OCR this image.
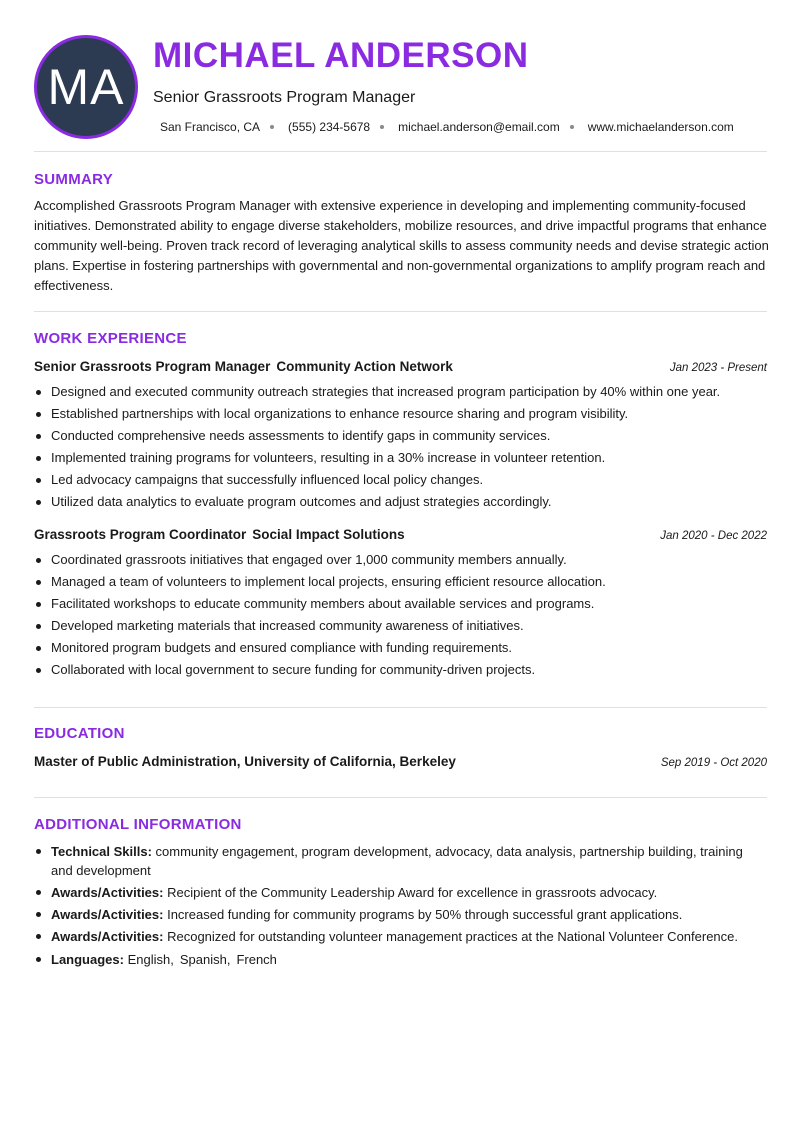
MA
MICHAEL ANDERSON
Senior Grassroots Program Manager
San Francisco, CA (555) 234-5678 michael.anderson@email.com www.michaelanderson.com
SUMMARY
Accomplished Grassroots Program Manager with extensive experience in developing and implementing community-focused initiatives. Demonstrated ability to engage diverse stakeholders, mobilize resources, and drive impactful programs that enhance community well-being. Proven track record of leveraging analytical skills to assess community needs and devise strategic action plans. Expertise in fostering partnerships with governmental and non-governmental organizations to amplify program reach and effectiveness.
WORK EXPERIENCE
Senior Grassroots Program Manager Community Action Network	Jan 2023 - Present
Designed and executed community outreach strategies that increased program participation by 40% within one year.
Established partnerships with local organizations to enhance resource sharing and program visibility.
Conducted comprehensive needs assessments to identify gaps in community services.
Implemented training programs for volunteers, resulting in a 30% increase in volunteer retention.
Led advocacy campaigns that successfully influenced local policy changes.
Utilized data analytics to evaluate program outcomes and adjust strategies accordingly.
Grassroots Program Coordinator Social Impact Solutions	Jan 2020 - Dec 2022
Coordinated grassroots initiatives that engaged over 1,000 community members annually.
Managed a team of volunteers to implement local projects, ensuring efficient resource allocation.
Facilitated workshops to educate community members about available services and programs.
Developed marketing materials that increased community awareness of initiatives.
Monitored program budgets and ensured compliance with funding requirements.
Collaborated with local government to secure funding for community-driven projects.
EDUCATION
Master of Public Administration, University of California, Berkeley	Sep 2019 - Oct 2020
ADDITIONAL INFORMATION
Technical Skills: community engagement, program development, advocacy, data analysis, partnership building, training and development
Awards/Activities: Recipient of the Community Leadership Award for excellence in grassroots advocacy.
Awards/Activities: Increased funding for community programs by 50% through successful grant applications.
Awards/Activities: Recognized for outstanding volunteer management practices at the National Volunteer Conference.
Languages: English, Spanish, French
